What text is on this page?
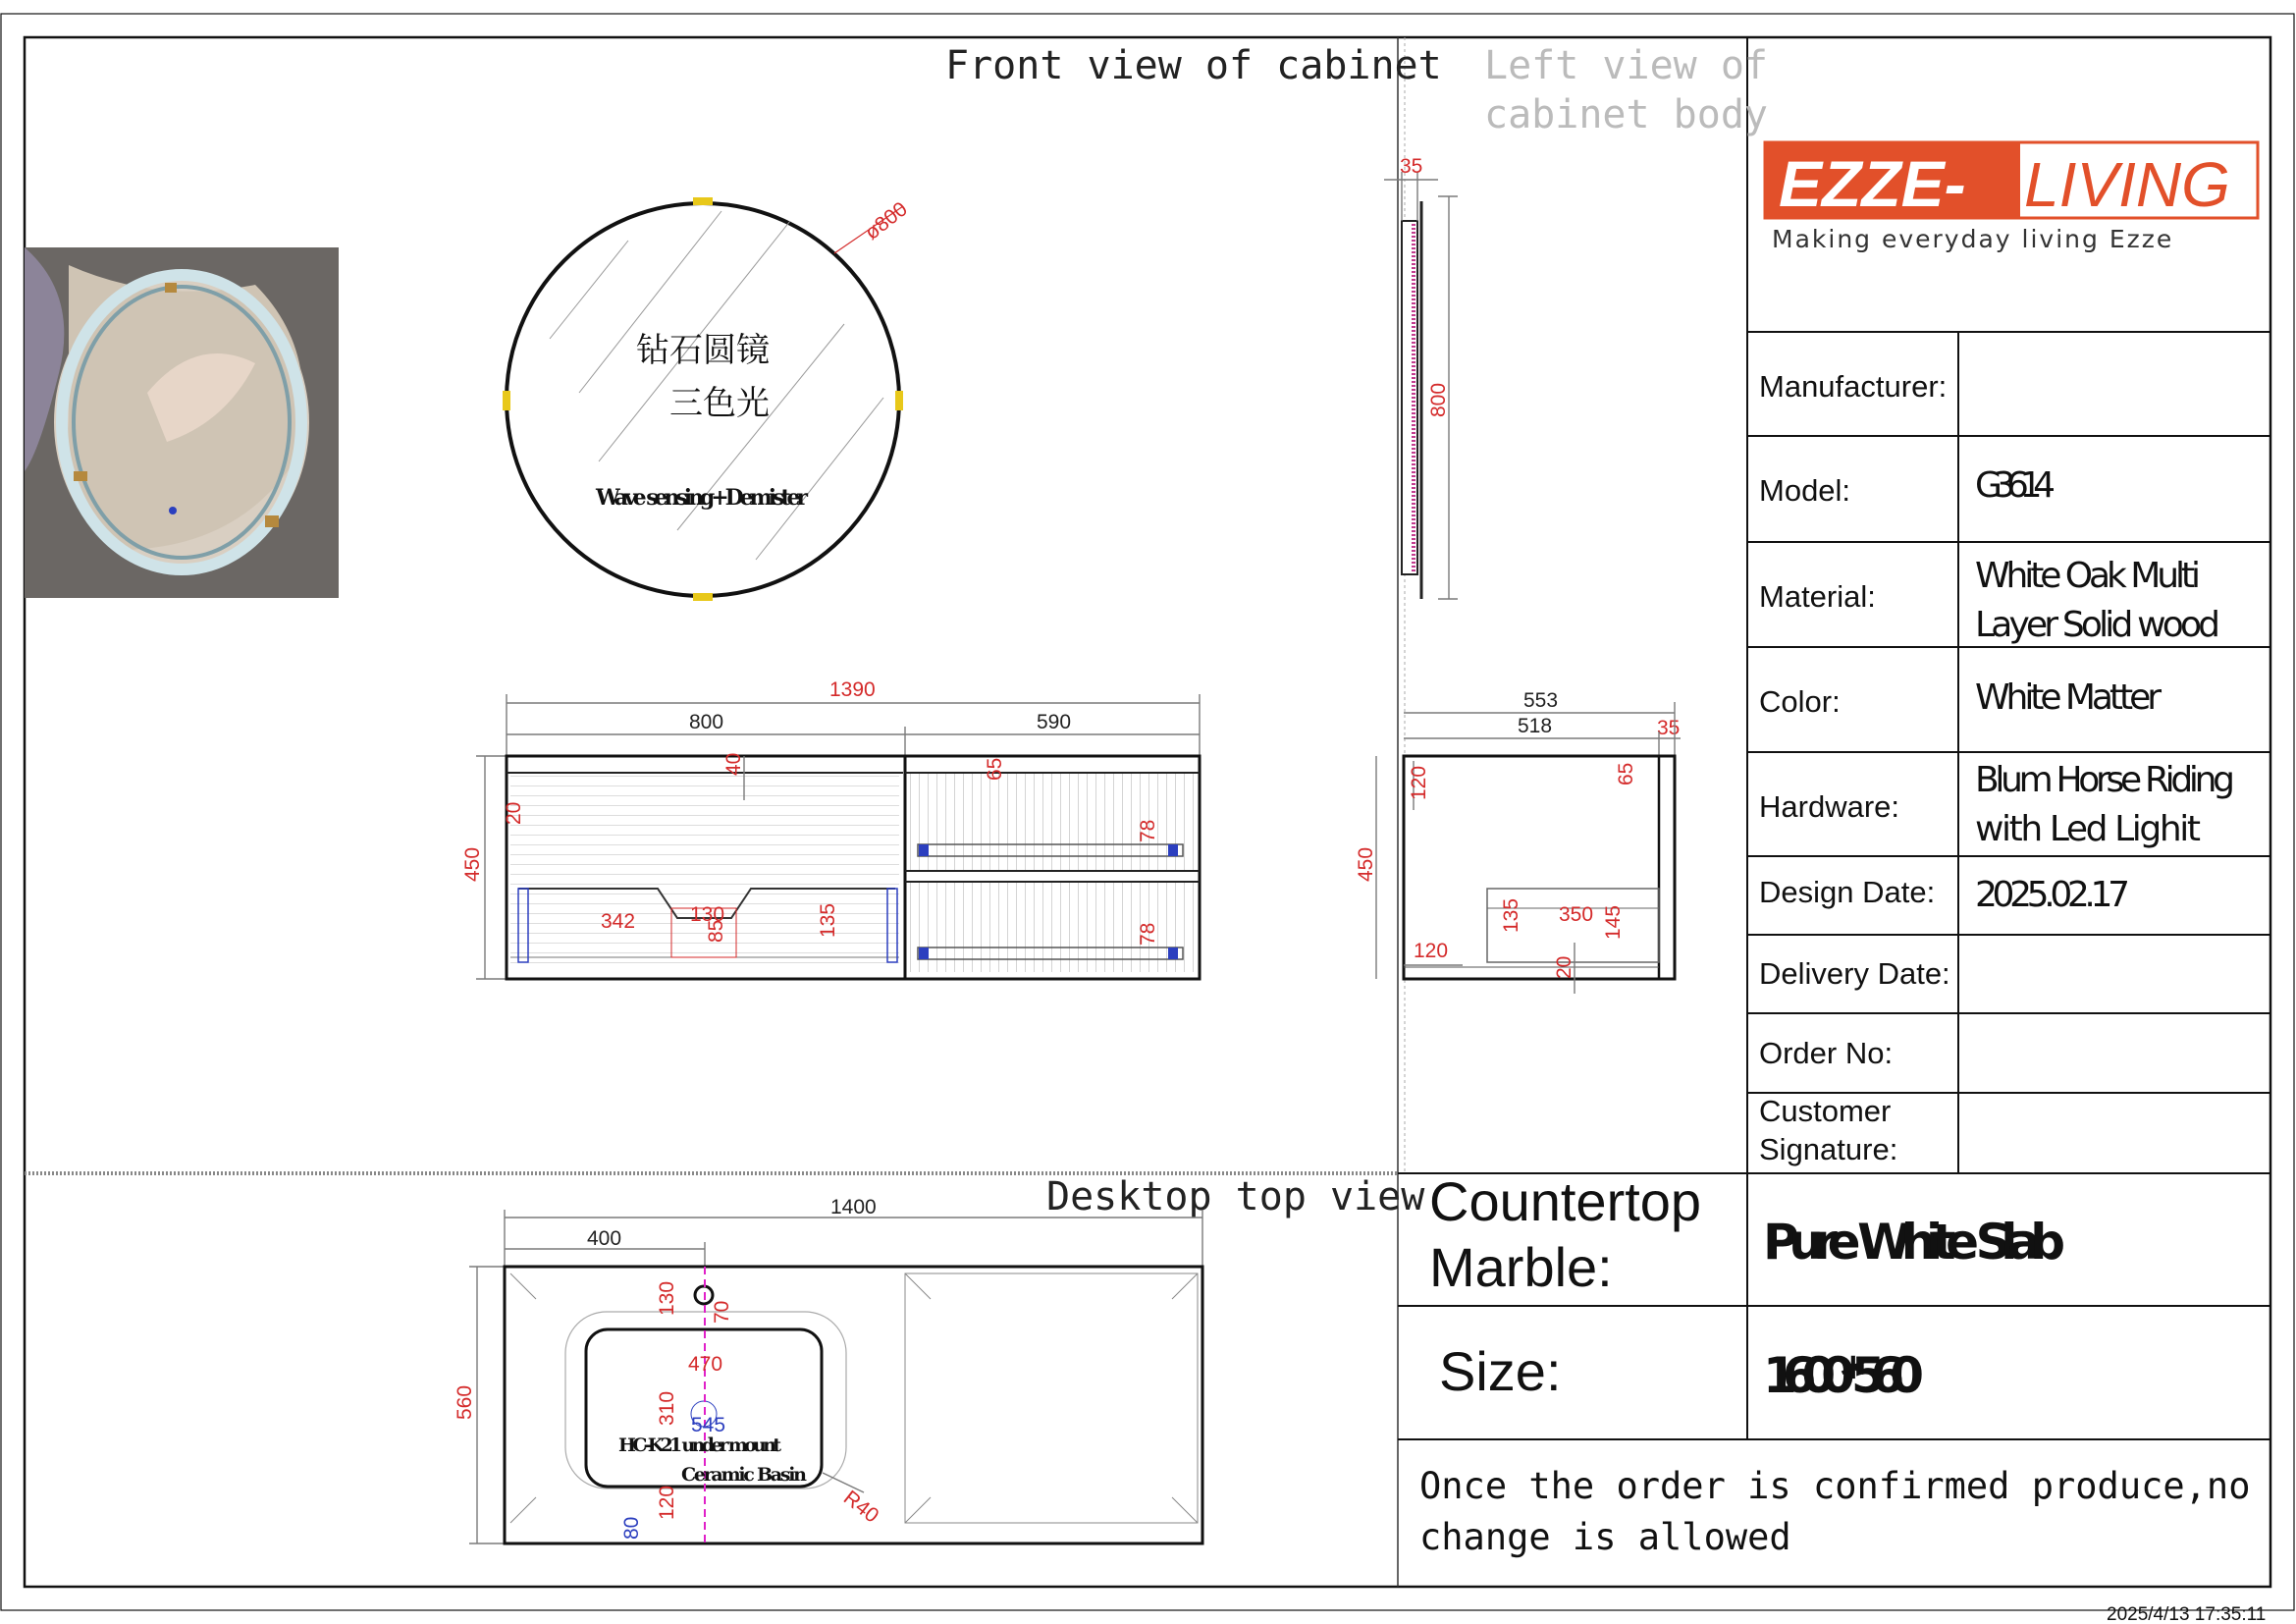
Front view of cabinet Left view of
cabinet body
Desktop top view
ø800
钻石圆镜
三色光
Wave sensing+Demister
35
800
1390
800	590
450
40
20
342	130
85	135
65
78
78
553
518	35
450
120	65
135 350 145
120
20
1400
400
560
130 70
470
310 545
HC-K21 under mount
Ceramic Basin
R40
120
80
EZZE- LIVING
Making everyday living Ezze
Manufacturer:
Model:	G3614
Material:
White Oak Multi
Layer Solid wood
Color:	White Matter
Hardware:
Blum Horse Riding
with Led Lighit
Design Date: 2025.02.17
Delivery Date:
Order No:
Customer
Signature:
Countertop
Marble:	Pure White Slab
Size:	1600*560
Once the order is confirmed produce,no
change is allowed
2025/4/13 17:35:11
